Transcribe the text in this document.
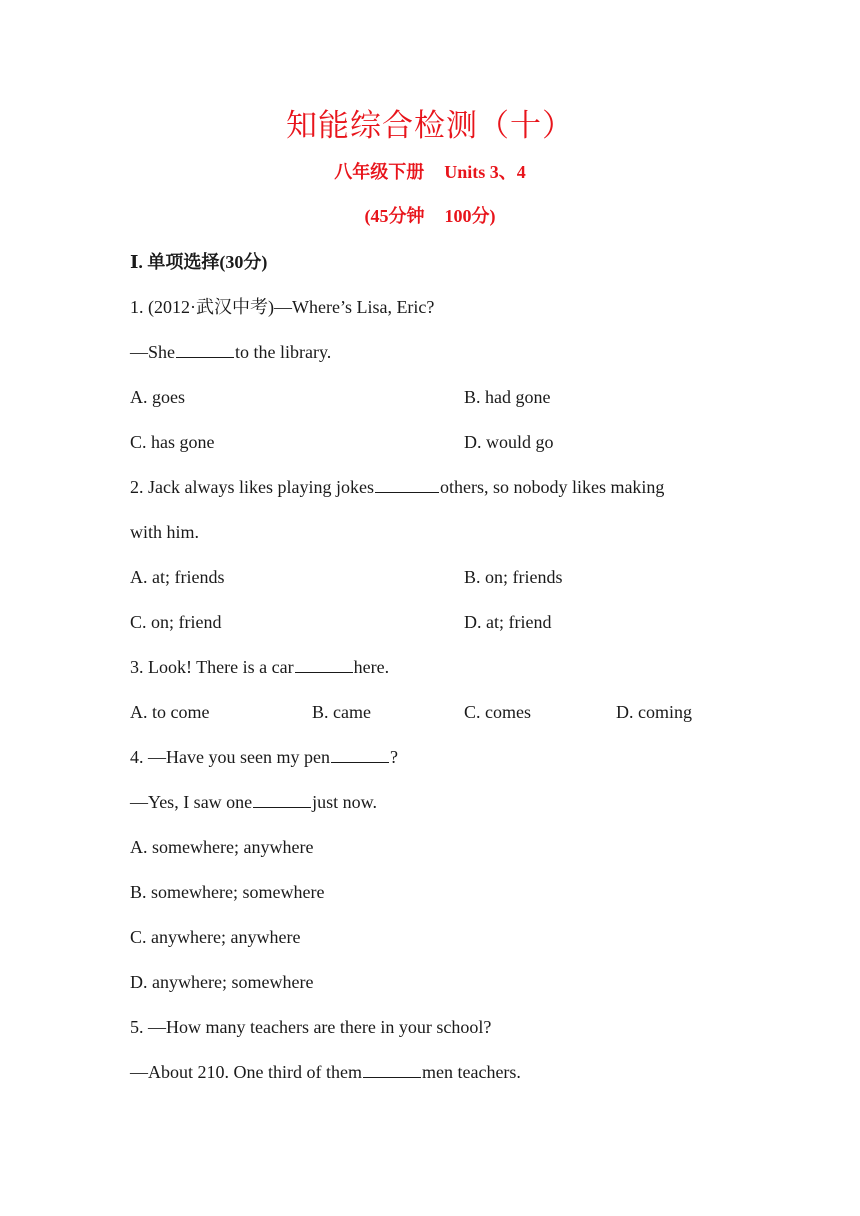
知能综合检测（十）
八年级下册 Units 3、4
(45分钟 100分)
Ⅰ. 单项选择(30分)
1. (2012·武汉中考)—Where’s Lisa, Eric?
—She	to the library.
A. goes	B. had gone
C. has gone	D. would go
2. Jack always likes playing jokes	others, so nobody likes making
with him.
A. at; friends	B. on; friends
C. on; friend	D. at; friend
3. Look! There is a car	here.
A. to come	B. came	C. comes	D. coming
4. —Have you seen my pen	?
—Yes, I saw one	just now.
A. somewhere; anywhere
B. somewhere; somewhere
C. anywhere; anywhere
D. anywhere; somewhere
5. —How many teachers are there in your school?
—About 210. One third of them	men teachers.
